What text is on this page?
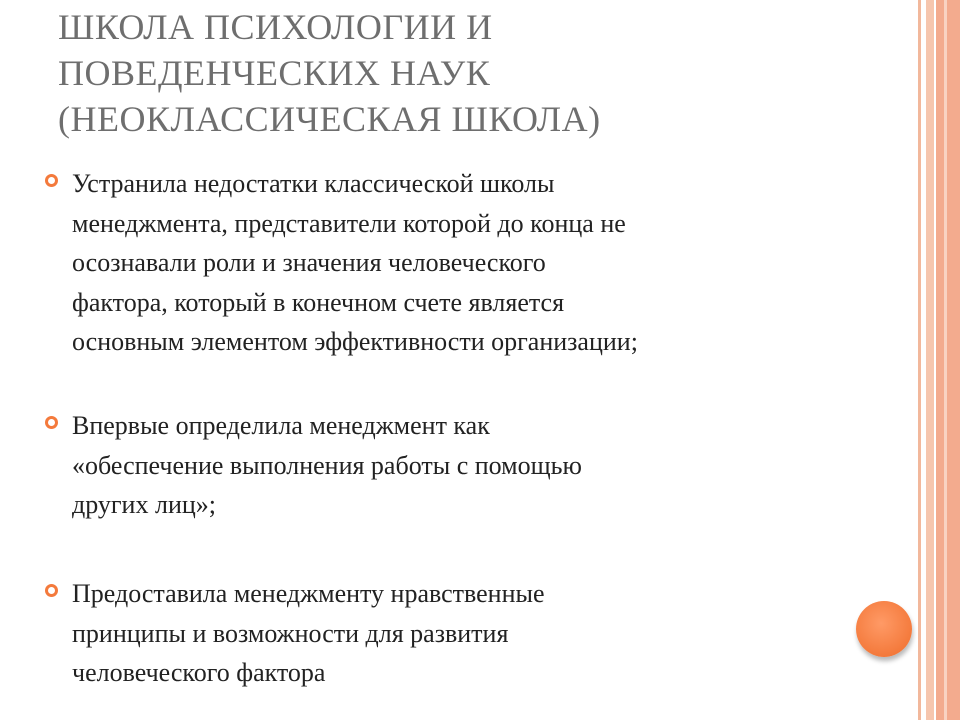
ШКОЛА ПСИХОЛОГИИ И
ПОВЕДЕНЧЕСКИХ НАУК
(НЕОКЛАССИЧЕСКАЯ ШКОЛА)
Устранила недостатки классической школы
менеджмента, представители которой до конца не
осознавали роли и значения человеческого
фактора, который в конечном счете является
основным элементом эффективности организации;
Впервые определила менеджмент как
«обеспечение выполнения работы с помощью
других лиц»;
Предоставила менеджменту нравственные
принципы и возможности для развития
человеческого фактора
